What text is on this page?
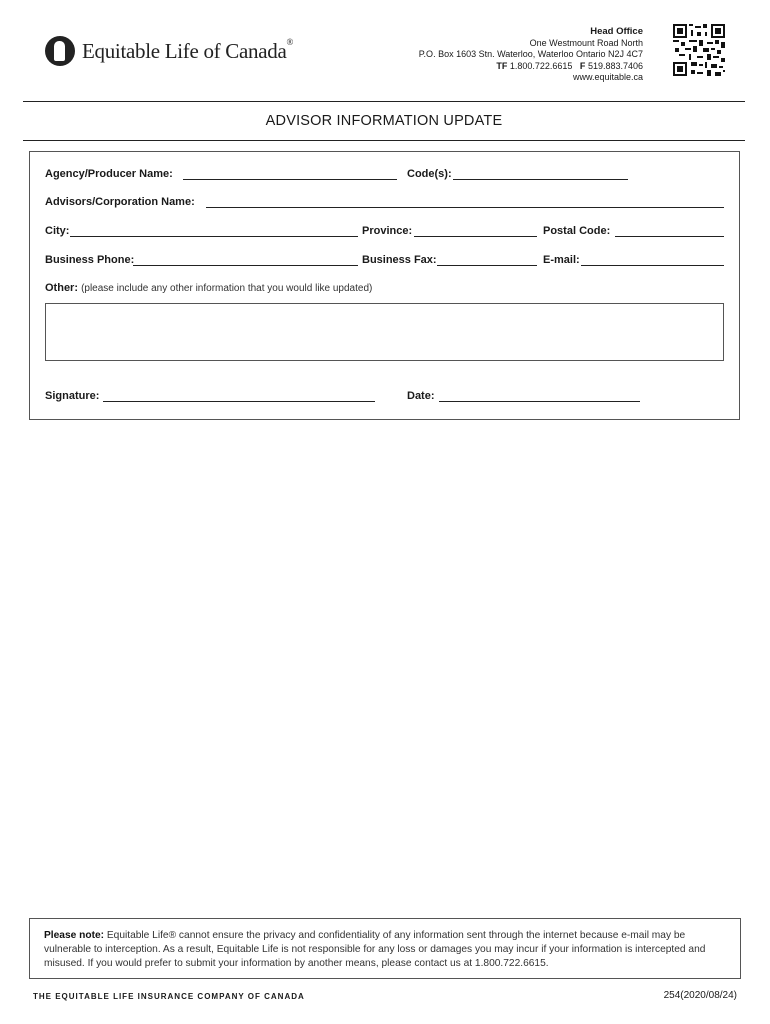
Equitable Life of Canada®
Head Office
One Westmount Road North
P.O. Box 1603 Stn. Waterloo, Waterloo Ontario N2J 4C7
TF 1.800.722.6615 F 519.883.7406
www.equitable.ca
ADVISOR INFORMATION UPDATE
Agency/Producer Name:	Code(s):
Advisors/Corporation Name:
City:	Province:	Postal Code:
Business Phone:	Business Fax:	E-mail:
Other: (please include any other information that you would like updated)
Signature:	Date:
Please note: Equitable Life® cannot ensure the privacy and confidentiality of any information sent through the internet because e-mail may be vulnerable to interception. As a result, Equitable Life is not responsible for any loss or damages you may incur if your information is intercepted and misused. If you would prefer to submit your information by another means, please contact us at 1.800.722.6615.
THE EQUITABLE LIFE INSURANCE COMPANY OF CANADA	254(2020/08/24)
